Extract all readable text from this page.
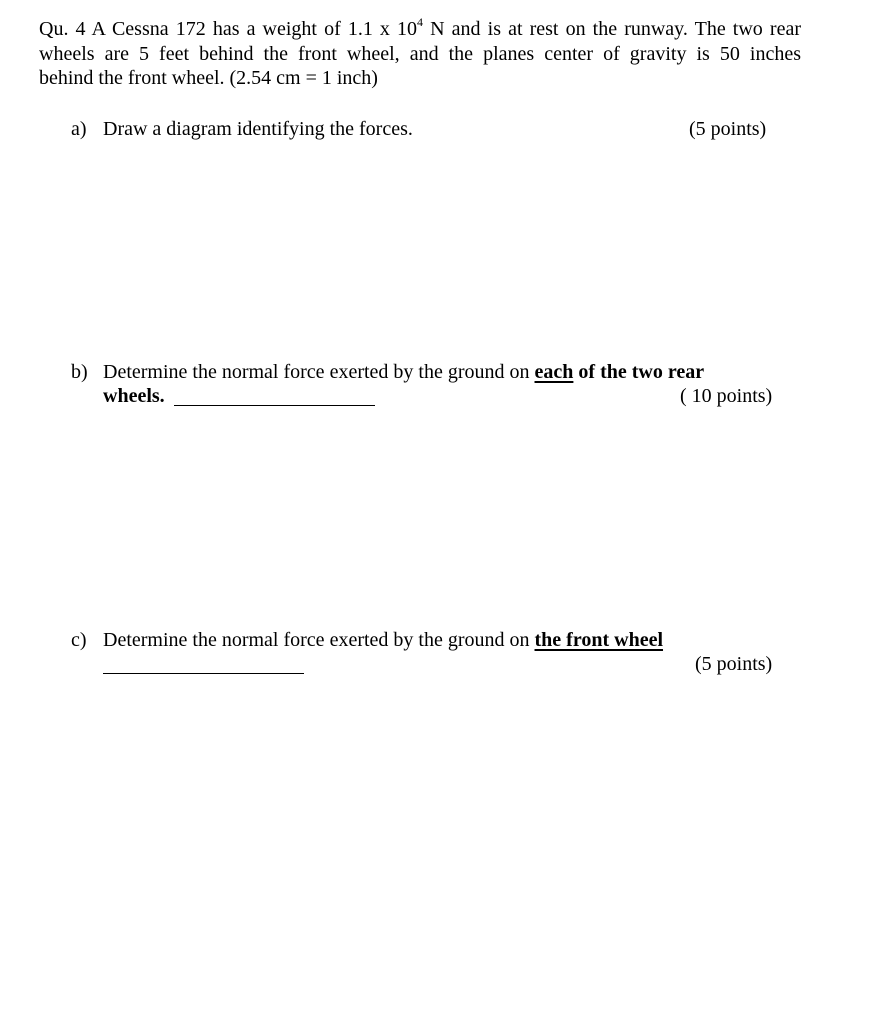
Qu. 4 A Cessna 172 has a weight of 1.1 x $10^4$ N and is at rest on the runway. The two rear
wheels are 5 feet behind the front wheel, and the planes center of gravity is 50 inches
behind the front wheel. (2.54 cm = 1 inch)
a) Draw a diagram identifying the forces.	(5 points)
b) Determine the normal force exerted by the ground on each of the two rear
wheels.	( 10 points)
c) Determine the normal force exerted by the ground on the front wheel
(5 points)
